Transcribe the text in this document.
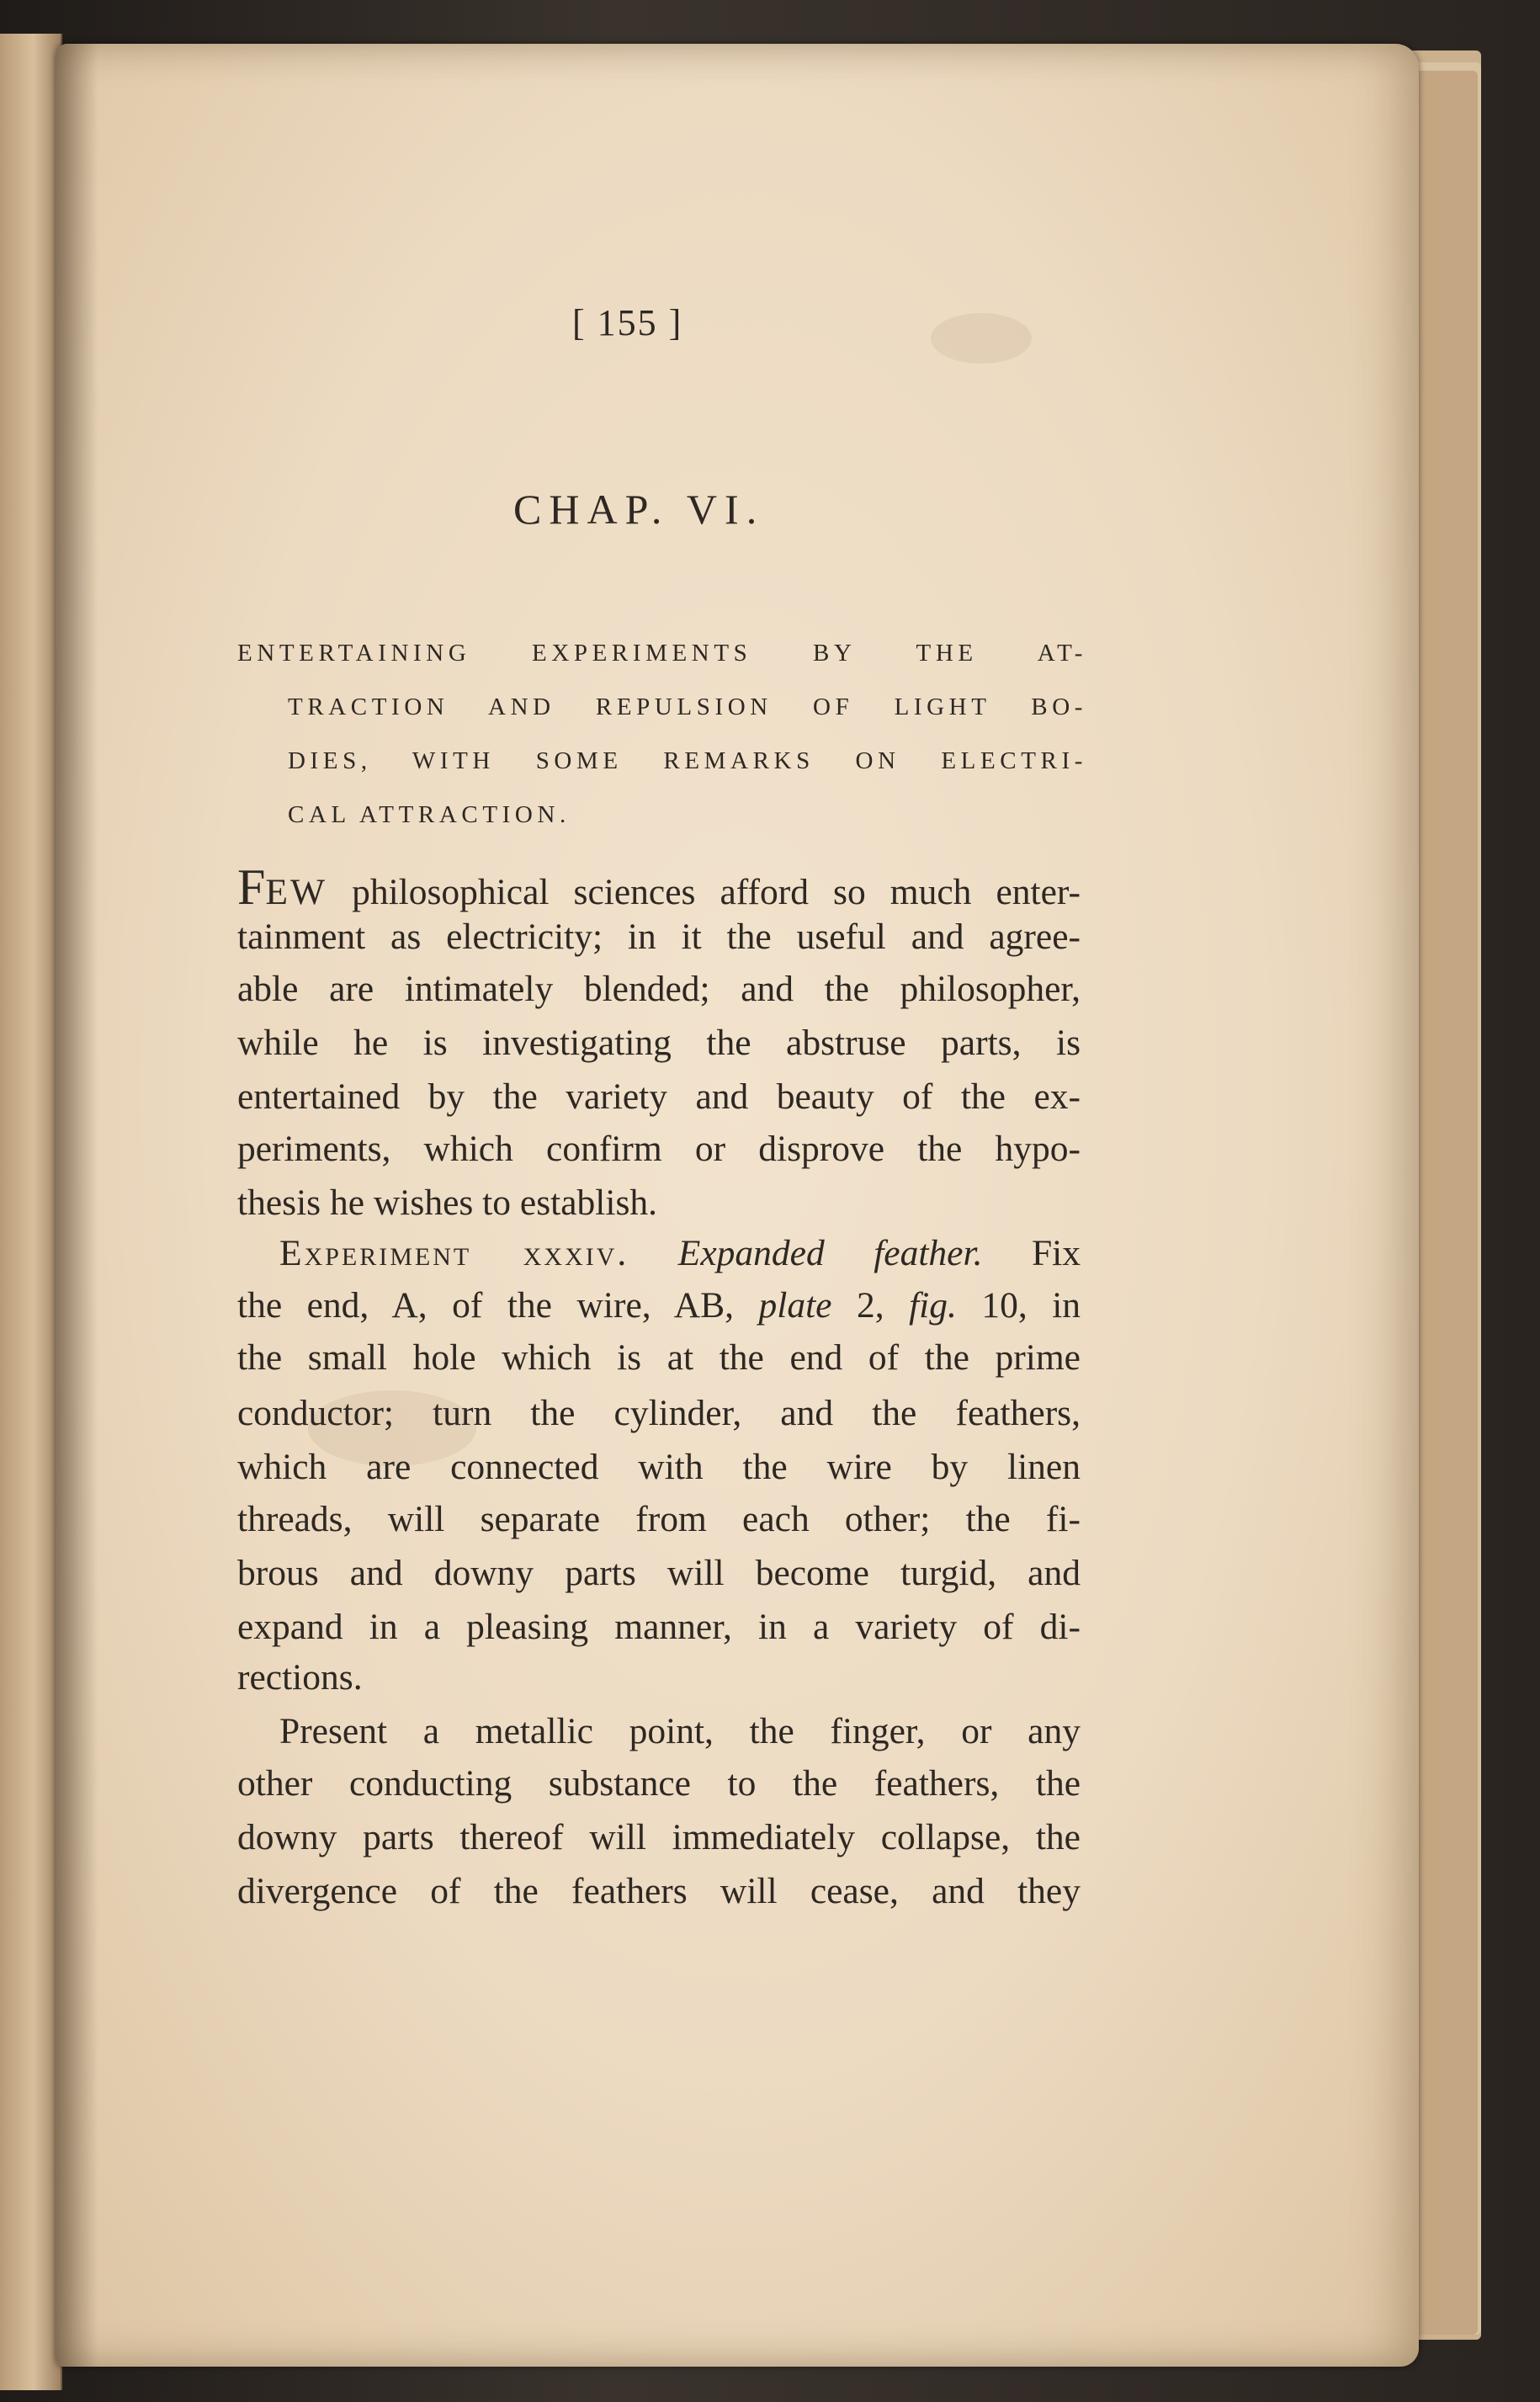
[ 155 ]
CHAP. VI.
ENTERTAINING EXPERIMENTS BY THE AT-
TRACTION AND REPULSION OF LIGHT BO-
DIES, WITH SOME REMARKS ON ELECTRI-
CAL ATTRACTION.
FEW philosophical sciences afford so much enter-
tainment as electricity; in it the useful and agree-
able are intimately blended; and the philosopher,
while he is investigating the abstruse parts, is
entertained by the variety and beauty of the ex-
periments, which confirm or disprove the hypo-
thesis he wishes to establish.
Experiment xxxiv. Expanded feather. Fix
the end, A, of the wire, AB, plate 2, fig. 10, in
the small hole which is at the end of the prime
conductor; turn the cylinder, and the feathers,
which are connected with the wire by linen
threads, will separate from each other; the fi-
brous and downy parts will become turgid, and
expand in a pleasing manner, in a variety of di-
rections.
Present a metallic point, the finger, or any
other conducting substance to the feathers, the
downy parts thereof will immediately collapse, the
divergence of the feathers will cease, and they
